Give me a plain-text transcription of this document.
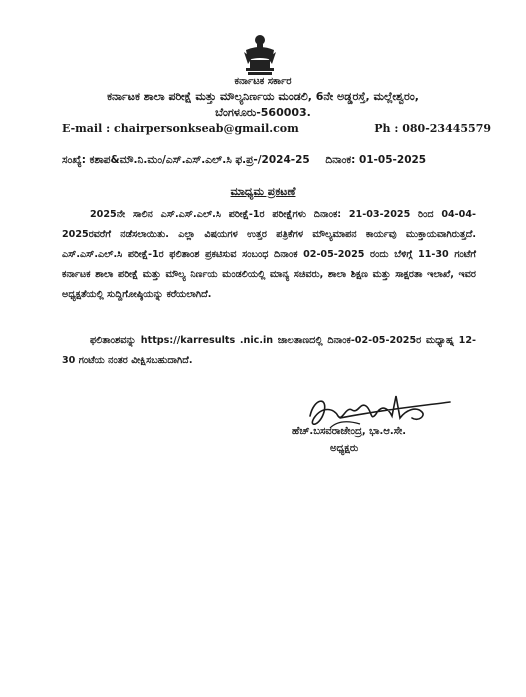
ಕರ್ನಾಟಕ ಸರ್ಕಾರ
ಕರ್ನಾಟಕ ಶಾಲಾ ಪರೀಕ್ಷೆ ಮತ್ತು ಮೌಲ್ಯನಿರ್ಣಯ ಮಂಡಲಿ, 6ನೇ ಅಡ್ಡರಸ್ತೆ, ಮಲ್ಲೇಶ್ವರಂ,
ಬೆಂಗಳೂರು-560003.
E-mail : chairpersonkseab@gmail.com	Ph : 080-23445579
ಸಂಖ್ಯೆ: ಕಶಾಪ&ಮೌ.ನಿ.ಮಂ/ಎಸ್.ಎಸ್.ಎಲ್.ಸಿ ಫ.ಪ್ರ-/2024-25 ದಿನಾಂಕ: 01-05-2025
ಮಾಧ್ಯಮ ಪ್ರಕಟಣೆ

2025ನೇ ಸಾಲಿನ ಎಸ್.ಎಸ್.ಎಲ್.ಸಿ ಪರೀಕ್ಷೆ-1ರ ಪರೀಕ್ಷೆಗಳು ದಿನಾಂಕ: 21-03-2025 ರಿಂದ 04-04-2025ರವರೆಗೆ ನಡೆಸಲಾಯಿತು. ಎಲ್ಲಾ ವಿಷಯಗಳ ಉತ್ತರ ಪತ್ರಿಕೆಗಳ ಮೌಲ್ಯಮಾಪನ ಕಾರ್ಯವು ಮುಕ್ತಾಯವಾಗಿರುತ್ತದೆ. ಎಸ್.ಎಸ್.ಎಲ್.ಸಿ ಪರೀಕ್ಷೆ-1ರ ಫಲಿತಾಂಶ ಪ್ರಕಟಿಸುವ ಸಂಬಂಧ ದಿನಾಂಕ 02-05-2025 ರಂದು ಬೆಳಿಗ್ಗೆ 11-30 ಗಂಟೆಗೆ ಕರ್ನಾಟಕ ಶಾಲಾ ಪರೀಕ್ಷೆ ಮತ್ತು ಮೌಲ್ಯ ನಿರ್ಣಯ ಮಂಡಲಿಯಲ್ಲಿ ಮಾನ್ಯ ಸಚಿವರು, ಶಾಲಾ ಶಿಕ್ಷಣ ಮತ್ತು ಸಾಕ್ಷರತಾ ಇಲಾಖೆ, ಇವರ ಅಧ್ಯಕ್ಷತೆಯಲ್ಲಿ ಸುದ್ದಿಗೋಷ್ಠಿಯನ್ನು ಕರೆಯಲಾಗಿದೆ.

ಫಲಿತಾಂಶವನ್ನು https://karresults .nic.in ಜಾಲತಾಣದಲ್ಲಿ ದಿನಾಂಕ-02-05-2025ರ ಮಧ್ಯಾಹ್ನ 12-30 ಗಂಟೆಯ ನಂತರ ವೀಕ್ಷಿಸಬಹುದಾಗಿದೆ.

ಹೆಚ್.ಬಸವರಾಜೇಂದ್ರ, ಭಾ.ಆ.ಸೇ.
ಅಧ್ಯಕ್ಷರು
